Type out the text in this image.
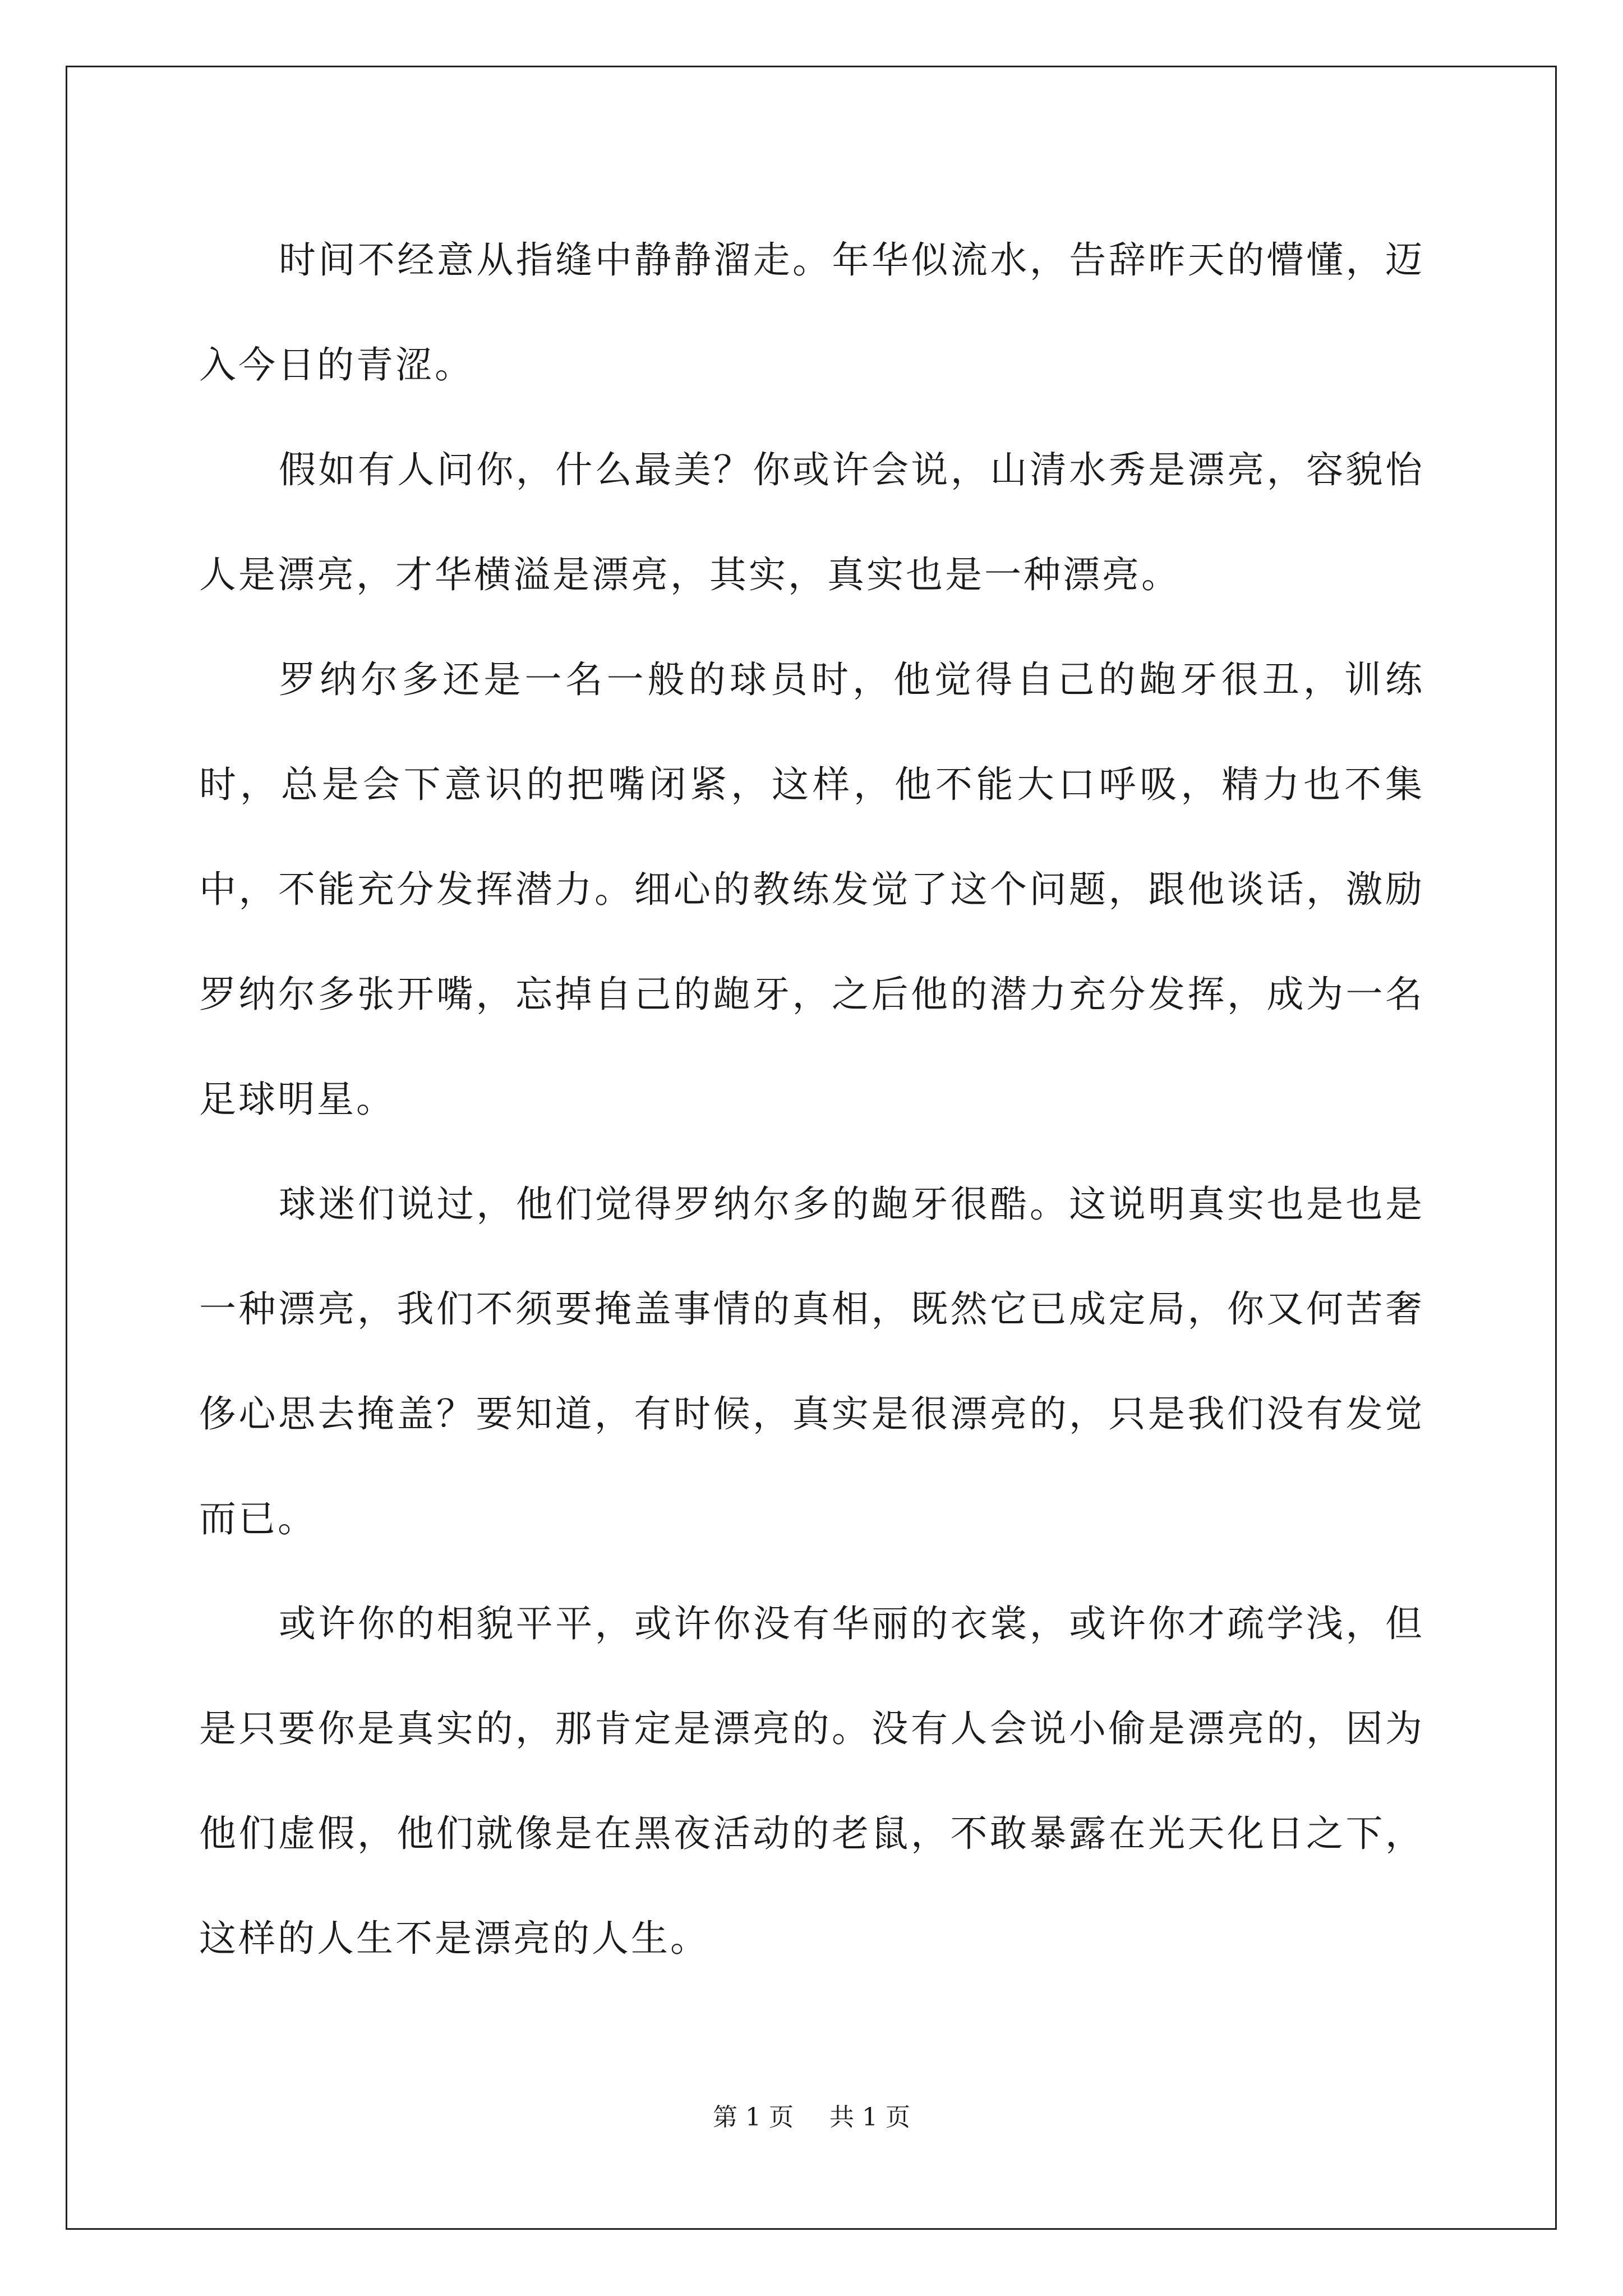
时间不经意从指缝中静静溜走。年华似流水，告辞昨天的懵懂，迈入今日的青涩。

假如有人问你，什么最美？你或许会说，山清水秀是漂亮，容貌怡人是漂亮，才华横溢是漂亮，其实，真实也是一种漂亮。

罗纳尔多还是一名一般的球员时，他觉得自己的龅牙很丑，训练时，总是会下意识的把嘴闭紧，这样，他不能大口呼吸，精力也不集中，不能充分发挥潜力。细心的教练发觉了这个问题，跟他谈话，激励罗纳尔多张开嘴，忘掉自己的龅牙，之后他的潜力充分发挥，成为一名足球明星。

球迷们说过，他们觉得罗纳尔多的龅牙很酷。这说明真实也是也是一种漂亮，我们不须要掩盖事情的真相，既然它已成定局，你又何苦奢侈心思去掩盖？要知道，有时候，真实是很漂亮的，只是我们没有发觉而已。

或许你的相貌平平，或许你没有华丽的衣裳，或许你才疏学浅，但是只要你是真实的，那肯定是漂亮的。没有人会说小偷是漂亮的，因为他们虚假，他们就像是在黑夜活动的老鼠，不敢暴露在光天化日之下，这样的人生不是漂亮的人生。

第 1 页 共 1 页
